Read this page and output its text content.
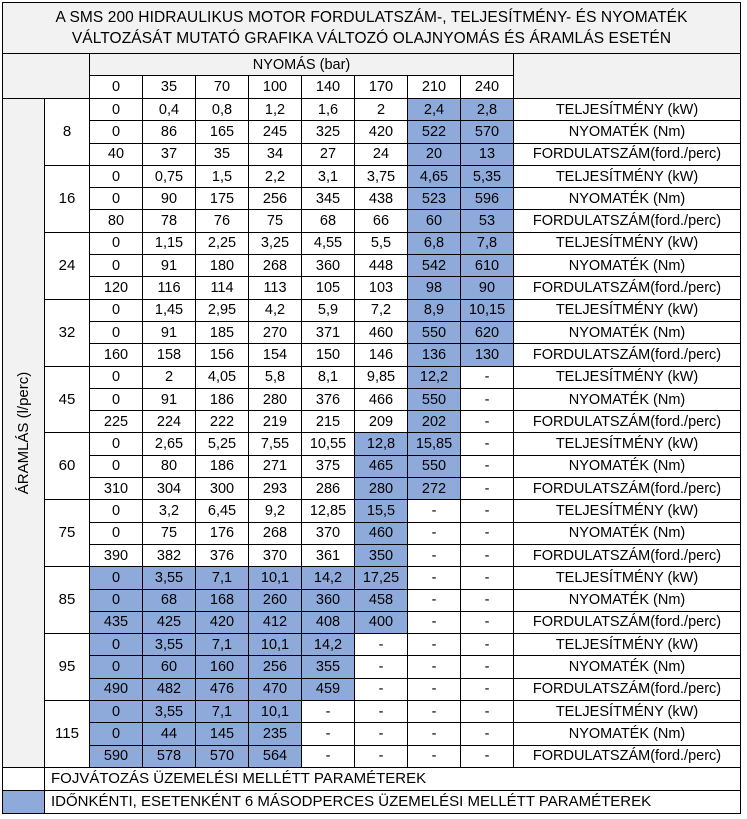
A SMS 200 HIDRAULIKUS MOTOR FORDULATSZÁM-, TELJESÍTMÉNY- ÉS NYOMATÉK
VÁLTOZÁSÁT MUTATÓ GRAFIKA VÁLTOZÓ OLAJNYOMÁS ÉS ÁRAMLÁS ESETÉN										

		NYOMÁS (bar)								
		0	35	70	100	140	170	210	240	

ÁRAMLÁS (l/perc)	8	0	0,4	0,8	1,2	1,6	2	2,4	2,8	TELJESÍTMÉNY (kW)
		0	86	165	245	325	420	522	570	NYOMATÉK (Nm)
		40	37	35	34	27	24	20	13	FORDULATSZÁM(ford./perc)
	16	0	0,75	1,5	2,2	3,1	3,75	4,65	5,35	TELJESÍTMÉNY (kW)
		0	90	175	256	345	438	523	596	NYOMATÉK (Nm)
		80	78	76	75	68	66	60	53	FORDULATSZÁM(ford./perc)
	24	0	1,15	2,25	3,25	4,55	5,5	6,8	7,8	TELJESÍTMÉNY (kW)
		0	91	180	268	360	448	542	610	NYOMATÉK (Nm)
		120	116	114	113	105	103	98	90	FORDULATSZÁM(ford./perc)
	32	0	1,45	2,95	4,2	5,9	7,2	8,9	10,15	TELJESÍTMÉNY (kW)
		0	91	185	270	371	460	550	620	NYOMATÉK (Nm)
		160	158	156	154	150	146	136	130	FORDULATSZÁM(ford./perc)
	45	0	2	4,05	5,8	8,1	9,85	12,2	-	TELJESÍTMÉNY (kW)
		0	91	186	280	376	466	550	-	NYOMATÉK (Nm)
		225	224	222	219	215	209	202	-	FORDULATSZÁM(ford./perc)
	60	0	2,65	5,25	7,55	10,55	12,8	15,85	-	TELJESÍTMÉNY (kW)
		0	80	186	271	375	465	550	-	NYOMATÉK (Nm)
		310	304	300	293	286	280	272	-	FORDULATSZÁM(ford./perc)
	75	0	3,2	6,45	9,2	12,85	15,5	-	-	TELJESÍTMÉNY (kW)
		0	75	176	268	370	460	-	-	NYOMATÉK (Nm)
		390	382	376	370	361	350	-	-	FORDULATSZÁM(ford./perc)
	85	0	3,55	7,1	10,1	14,2	17,25	-	-	TELJESÍTMÉNY (kW)
		0	68	168	260	360	458	-	-	NYOMATÉK (Nm)
		435	425	420	412	408	400	-	-	FORDULATSZÁM(ford./perc)
	95	0	3,55	7,1	10,1	14,2	-	-	-	TELJESÍTMÉNY (kW)
		0	60	160	256	355	-	-	-	NYOMATÉK (Nm)
		490	482	476	470	459	-	-	-	FORDULATSZÁM(ford./perc)
	115	0	3,55	7,1	10,1	-	-	-	-	TELJESÍTMÉNY (kW)
		0	44	145	235	-	-	-	-	NYOMATÉK (Nm)
		590	578	570	564	-	-	-	-	FORDULATSZÁM(ford./perc)
	FOJVÁTOZÁS ÜZEMELÉSI MELLÉTT PARAMÉTEREK									
	IDŐNKÉNTI, ESETENKÉNT 6 MÁSODPERCES ÜZEMELÉSI MELLÉTT PARAMÉTEREK									
